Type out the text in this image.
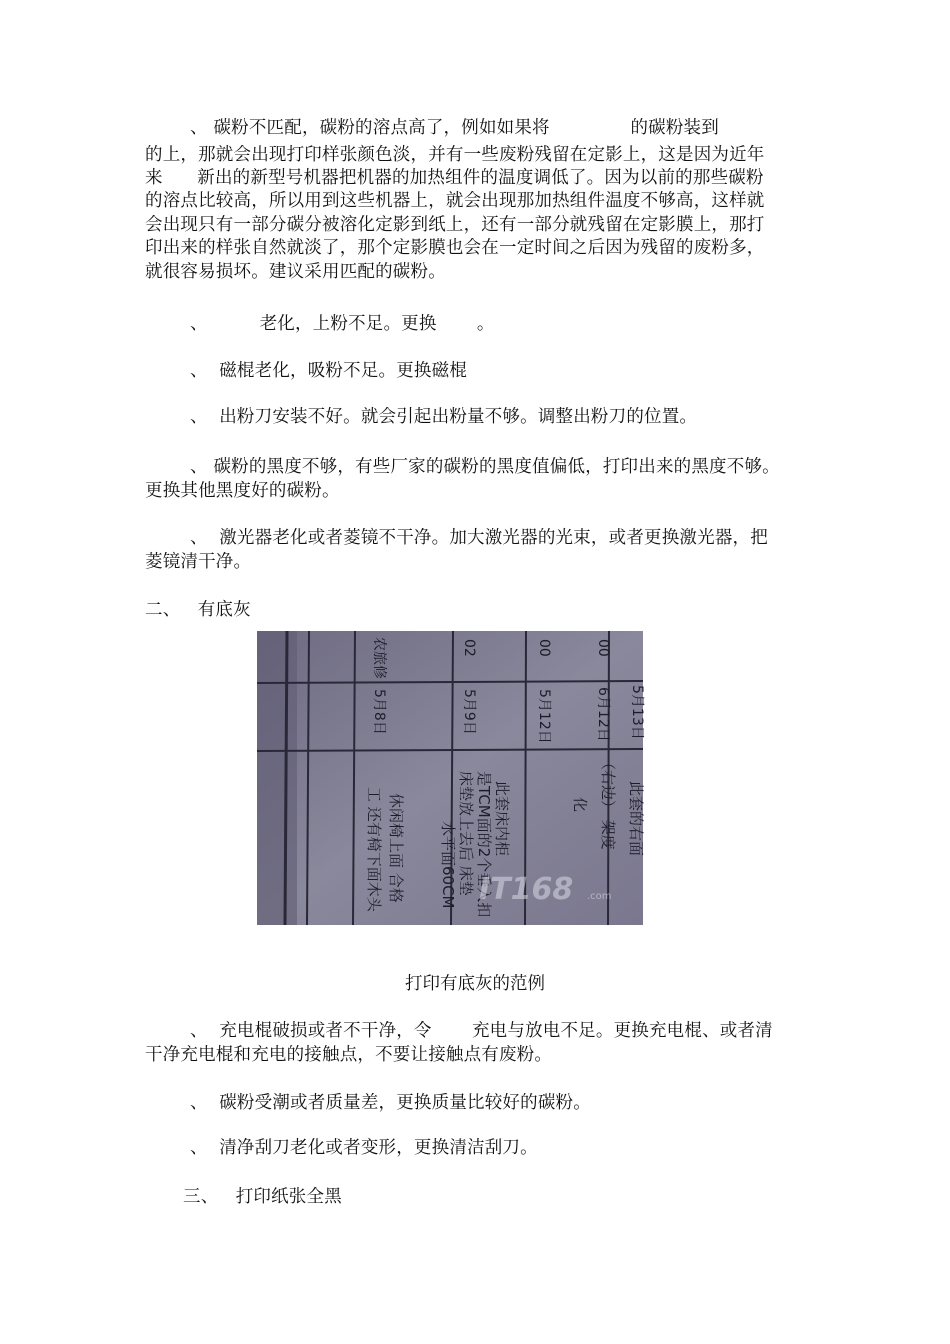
、 碳粉不匹配，碳粉的溶点高了，例如如果将              的碳粉装到
的上，那就会出现打印样张颜色淡，并有一些废粉残留在定影上，这是因为近年
来      新出的新型号机器把机器的加热组件的温度调低了。因为以前的那些碳粉
的溶点比较高，所以用到这些机器上，就会出现那加热组件温度不够高，这样就
会出现只有一部分碳分被溶化定影到纸上，还有一部分就残留在定影膜上，那打
印出来的样张自然就淡了，那个定影膜也会在一定时间之后因为残留的废粉多，
就很容易损坏。建议采用匹配的碳粉。
、         老化，上粉不足。更换       。
、  磁棍老化，吸粉不足。更换磁棍
、  出粉刀安装不好。就会引起出粉量不够。调整出粉刀的位置。
、 碳粉的黑度不够，有些厂家的碳粉的黑度值偏低，打印出来的黑度不够。
更换其他黑度好的碳粉。
、  激光器老化或者菱镜不干净。加大激光器的光束，或者更换激光器，把
菱镜清干净。
二、   有底灰
农旅修	02	00	00
5月8日	5月9日	5月12日	6月12日 5月13日
休闲椅上面 合格
工 还有椅下面木头	此套床内柜
是TCM面的2个垂入扣
床垫放上去后 床垫
水平面60CM
（右边） 架度
化	此套的右面
IT168 .com
打印有底灰的范例
、  充电棍破损或者不干净，令       充电与放电不足。更换充电棍、或者清
干净充电棍和充电的接触点，不要让接触点有废粉。
、  碳粉受潮或者质量差，更换质量比较好的碳粉。
、  清净刮刀老化或者变形，更换清洁刮刀。
三、   打印纸张全黑
